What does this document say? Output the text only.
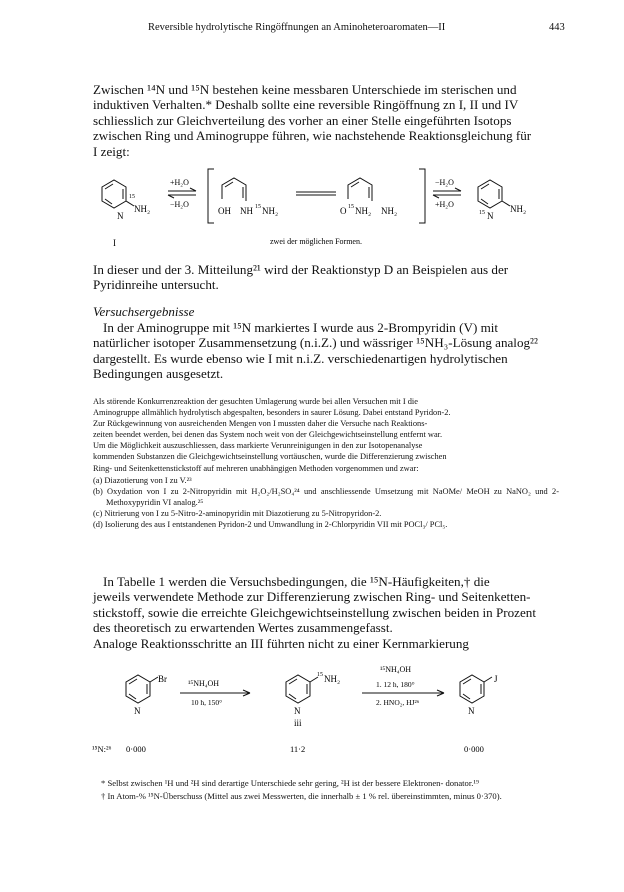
Reversible hydrolytische Ringöffnungen an Aminoheteroaromaten—II	443
Zwischen ¹⁴N und ¹⁵N bestehen keine messbaren Unterschiede im sterischen und
induktiven Verhalten.* Deshalb sollte eine reversible Ringöffnung zn I, II und IV
schliesslich zur Gleichverteilung des vorher an einer Stelle eingeführten Isotops
zwischen Ring und Aminogruppe führen, wie nachstehende Reaktionsgleichung für
I zeigt:
N
15
NH₂
+H₂O
−H₂O
OH NH 15 NH₂	O 15 NH₂ NH₂
−H₂O
+H₂O
15 N
NH₂
I	zwei der möglichen Formen.
In dieser und der 3. Mitteilung²¹ wird der Reaktionstyp D an Beispielen aus der
Pyridinreihe untersucht.
Versuchsergebnisse
In der Aminogruppe mit ¹⁵N markiertes I wurde aus 2-Brompyridin (V) mit
natürlicher isotoper Zusammensetzung (n.i.Z.) und wässriger ¹⁵NH₃-Lösung analog²²
dargestellt. Es wurde ebenso wie I mit n.i.Z. verschiedenartigen hydrolytischen
Bedingungen ausgesetzt.
Als störende Konkurrenzreaktion der gesuchten Umlagerung wurde bei allen Versuchen mit I die
Aminogruppe allmählich hydrolytisch abgespalten, besonders in saurer Lösung. Dabei entstand Pyridon-2.
Zur Rückgewinnung von ausreichenden Mengen von I mussten daher die Versuche nach Reaktions-
zeiten beendet werden, bei denen das System noch weit von der Gleichgewichtseinstellung entfernt war.
Um die Möglichkeit auszuschliessen, dass markierte Verunreinigungen in den zur Isotopenanalyse
kommenden Substanzen die Gleichgewichtseinstellung vortäuschen, wurde die Differenzierung zwischen
Ring- und Seitenkettenstickstoff auf mehreren unabhängigen Methoden vorgenommen und zwar:
(a) Diazotierung von I zu V.²³
(b) Oxydation von I zu 2-Nitropyridin mit H₂O₂/H₂SO₄²⁴ und anschliessende Umsetzung mit NaOMe/ MeOH zu NaNO₂ und 2-Methoxypyridin VI analog.²⁵
(c) Nitrierung von I zu 5-Nitro-2-aminopyridin mit Diazotierung zu 5-Nitropyridon-2.
(d) Isolierung des aus I entstandenen Pyridon-2 und Umwandlung in 2-Chlorpyridin VII mit POCl₃/ PCl₅.
In Tabelle 1 werden die Versuchsbedingungen, die ¹⁵N-Häufigkeiten,† die
jeweils verwendete Methode zur Differenzierung zwischen Ring- und Seitenketten-
stickstoff, sowie die erreichte Gleichgewichtseinstellung zwischen beiden in Prozent
des theoretisch zu erwartenden Wertes zusammengefasst.
Analoge Reaktionsschritte an III führten nicht zu einer Kernmarkierung
N
Br	¹⁵NH₄OH
10 h, 150°
N
15 NH₂
iii
¹⁵NH₄OH
1. 12 h, 180°
2. HNO₂, HJ²⁶
N
J
¹⁵N:²⁶ 0·000	11·2	0·000
* Selbst zwischen ¹H und ²H sind derartige Unterschiede sehr gering, ²H ist der bessere Elektronen- donator.¹⁹
† In Atom-% ¹⁵N-Überschuss (Mittel aus zwei Messwerten, die innerhalb ± 1 % rel. übereinstimmten, minus 0·370).
